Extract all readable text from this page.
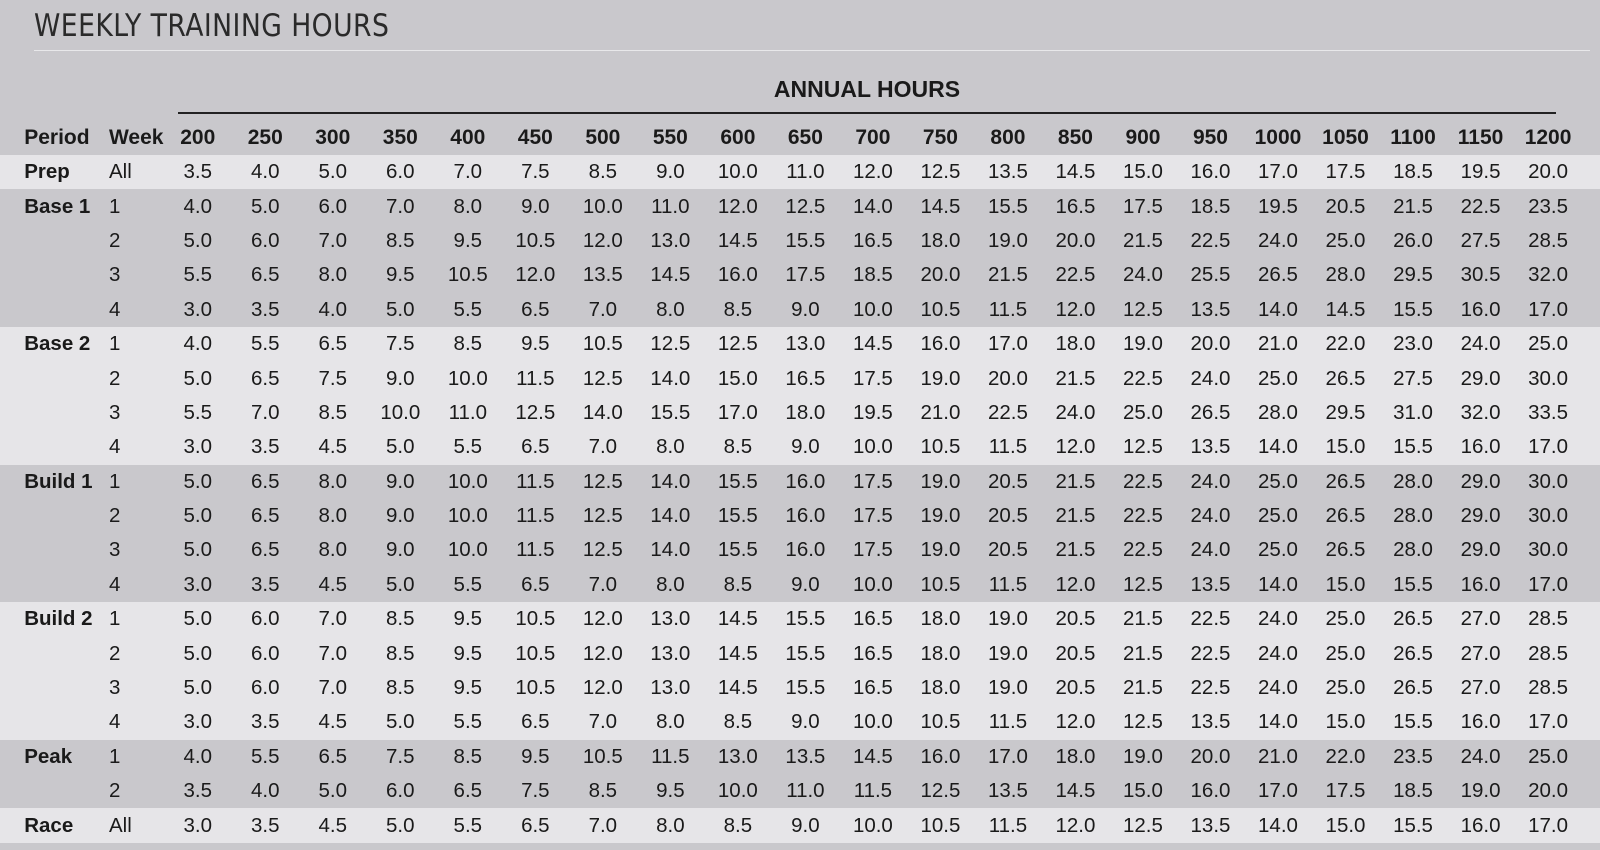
WEEKLY TRAINING HOURS
ANNUAL HOURS
	Period	Week	200	250	300	350	400	450	500	550	600	650	700	750	800	850	900	950	1000	1050	1100	1150	1200	
	Prep	All	3.5	4.0	5.0	6.0	7.0	7.5	8.5	9.0	10.0	11.0	12.0	12.5	13.5	14.5	15.0	16.0	17.0	17.5	18.5	19.5	20.0	
	Base 1	1	4.0	5.0	6.0	7.0	8.0	9.0	10.0	11.0	12.0	12.5	14.0	14.5	15.5	16.5	17.5	18.5	19.5	20.5	21.5	22.5	23.5	
		2	5.0	6.0	7.0	8.5	9.5	10.5	12.0	13.0	14.5	15.5	16.5	18.0	19.0	20.0	21.5	22.5	24.0	25.0	26.0	27.5	28.5	
		3	5.5	6.5	8.0	9.5	10.5	12.0	13.5	14.5	16.0	17.5	18.5	20.0	21.5	22.5	24.0	25.5	26.5	28.0	29.5	30.5	32.0	
		4	3.0	3.5	4.0	5.0	5.5	6.5	7.0	8.0	8.5	9.0	10.0	10.5	11.5	12.0	12.5	13.5	14.0	14.5	15.5	16.0	17.0	
	Base 2	1	4.0	5.5	6.5	7.5	8.5	9.5	10.5	12.5	12.5	13.0	14.5	16.0	17.0	18.0	19.0	20.0	21.0	22.0	23.0	24.0	25.0	
		2	5.0	6.5	7.5	9.0	10.0	11.5	12.5	14.0	15.0	16.5	17.5	19.0	20.0	21.5	22.5	24.0	25.0	26.5	27.5	29.0	30.0	
		3	5.5	7.0	8.5	10.0	11.0	12.5	14.0	15.5	17.0	18.0	19.5	21.0	22.5	24.0	25.0	26.5	28.0	29.5	31.0	32.0	33.5	
		4	3.0	3.5	4.5	5.0	5.5	6.5	7.0	8.0	8.5	9.0	10.0	10.5	11.5	12.0	12.5	13.5	14.0	15.0	15.5	16.0	17.0	
	Build 1	1	5.0	6.5	8.0	9.0	10.0	11.5	12.5	14.0	15.5	16.0	17.5	19.0	20.5	21.5	22.5	24.0	25.0	26.5	28.0	29.0	30.0	
		2	5.0	6.5	8.0	9.0	10.0	11.5	12.5	14.0	15.5	16.0	17.5	19.0	20.5	21.5	22.5	24.0	25.0	26.5	28.0	29.0	30.0	
		3	5.0	6.5	8.0	9.0	10.0	11.5	12.5	14.0	15.5	16.0	17.5	19.0	20.5	21.5	22.5	24.0	25.0	26.5	28.0	29.0	30.0	
		4	3.0	3.5	4.5	5.0	5.5	6.5	7.0	8.0	8.5	9.0	10.0	10.5	11.5	12.0	12.5	13.5	14.0	15.0	15.5	16.0	17.0	
	Build 2	1	5.0	6.0	7.0	8.5	9.5	10.5	12.0	13.0	14.5	15.5	16.5	18.0	19.0	20.5	21.5	22.5	24.0	25.0	26.5	27.0	28.5	
		2	5.0	6.0	7.0	8.5	9.5	10.5	12.0	13.0	14.5	15.5	16.5	18.0	19.0	20.5	21.5	22.5	24.0	25.0	26.5	27.0	28.5	
		3	5.0	6.0	7.0	8.5	9.5	10.5	12.0	13.0	14.5	15.5	16.5	18.0	19.0	20.5	21.5	22.5	24.0	25.0	26.5	27.0	28.5	
		4	3.0	3.5	4.5	5.0	5.5	6.5	7.0	8.0	8.5	9.0	10.0	10.5	11.5	12.0	12.5	13.5	14.0	15.0	15.5	16.0	17.0	
	Peak	1	4.0	5.5	6.5	7.5	8.5	9.5	10.5	11.5	13.0	13.5	14.5	16.0	17.0	18.0	19.0	20.0	21.0	22.0	23.5	24.0	25.0	
		2	3.5	4.0	5.0	6.0	6.5	7.5	8.5	9.5	10.0	11.0	11.5	12.5	13.5	14.5	15.0	16.0	17.0	17.5	18.5	19.0	20.0	
	Race	All	3.0	3.5	4.5	5.0	5.5	6.5	7.0	8.0	8.5	9.0	10.0	10.5	11.5	12.0	12.5	13.5	14.0	15.0	15.5	16.0	17.0	
